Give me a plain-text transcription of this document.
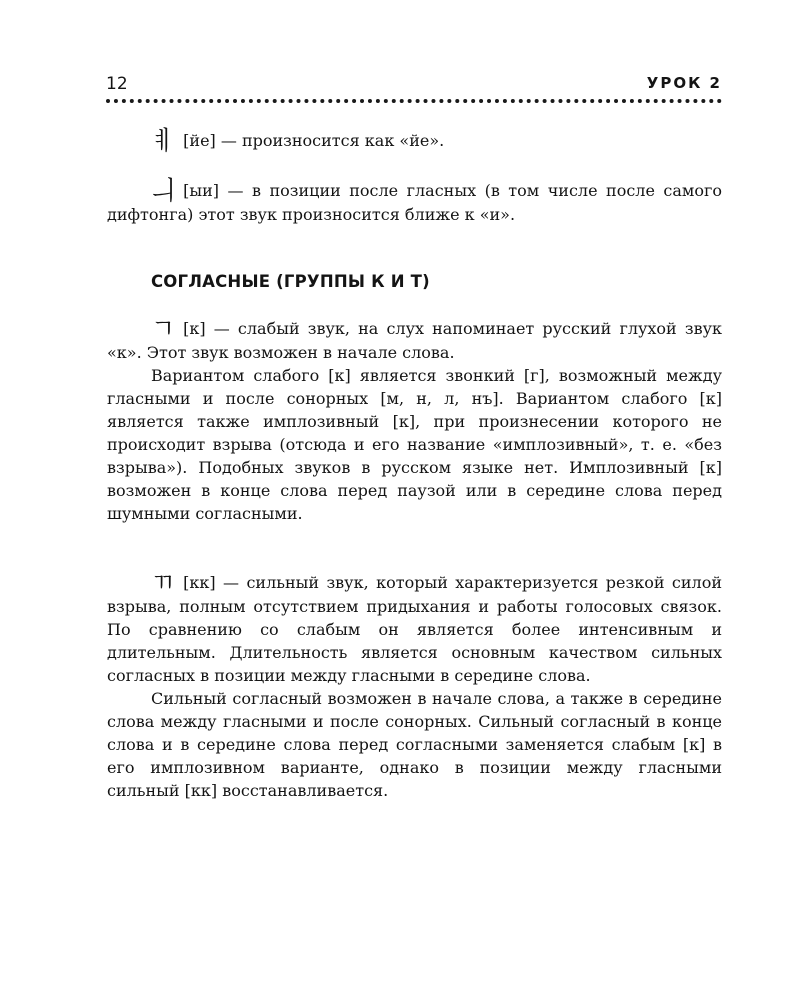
12	УРОК 2

ㅖ [йе] — произносится как «йе».

ㅢ [ыи] — в позиции после гласных (в том числе после самого дифтонга) этот звук произносится ближе к «и».

СОГЛАСНЫЕ (ГРУППЫ К И Т)

ㄱ [к] — слабый звук, на слух напоминает русский глухой звук «к». Этот звук возможен в начале слова.

Вариантом слабого [к] является звонкий [г], возможный между гласными и после сонорных [м, н, л, нъ]. Вариантом слабого [к] является также имплозивный [к], при произнесении которого не происходит взрыва (отсюда и его название «имплозивный», т. е. «без взрыва»). Подобных звуков в русском языке нет. Имплозивный [к] возможен в конце слова перед паузой или в середине слова перед шумными согласными.

ㄲ [кк] — сильный звук, который характеризуется резкой силой взрыва, полным отсутствием придыхания и работы голосовых связок. По сравнению со слабым он является более интенсивным и длительным. Длительность является основным качеством сильных согласных в позиции между гласными в середине слова.

Сильный согласный возможен в начале слова, а также в середине слова между гласными и после сонорных. Сильный согласный в конце слова и в середине слова перед согласными заменяется слабым [к] в его имплозивном варианте, однако в позиции между гласными сильный [кк] восстанавливается.
